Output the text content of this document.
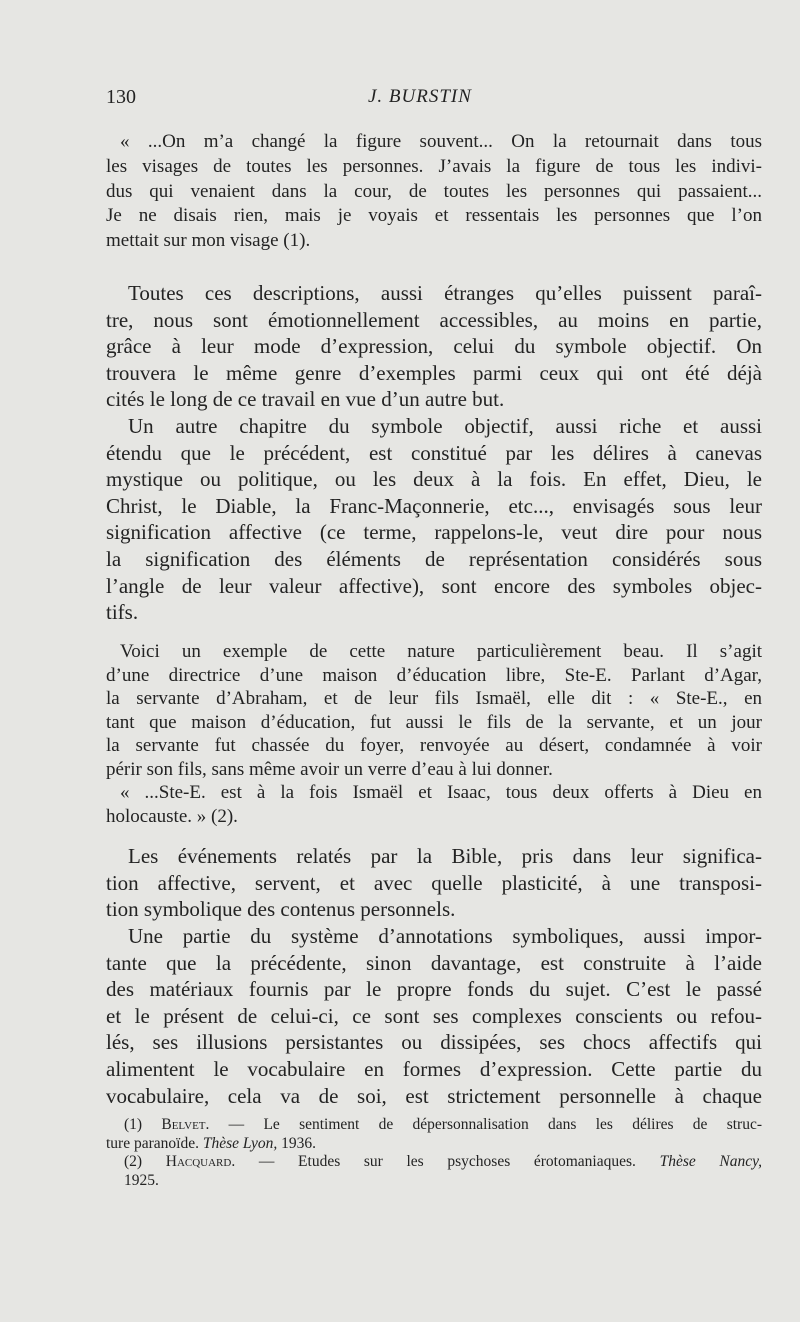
130	J. BURSTIN
« ...On m’a changé la figure souvent... On la retournait dans tous
les visages de toutes les personnes. J’avais la figure de tous les indivi-
dus qui venaient dans la cour, de toutes les personnes qui passaient...
Je ne disais rien, mais je voyais et ressentais les personnes que l’on
mettait sur mon visage (1).
Toutes ces descriptions, aussi étranges qu’elles puissent paraî-
tre, nous sont émotionnellement accessibles, au moins en partie,
grâce à leur mode d’expression, celui du symbole objectif. On
trouvera le même genre d’exemples parmi ceux qui ont été déjà
cités le long de ce travail en vue d’un autre but.
Un autre chapitre du symbole objectif, aussi riche et aussi
étendu que le précédent, est constitué par les délires à canevas
mystique ou politique, ou les deux à la fois. En effet, Dieu, le
Christ, le Diable, la Franc-Maçonnerie, etc..., envisagés sous leur
signification affective (ce terme, rappelons-le, veut dire pour nous
la signification des éléments de représentation considérés sous
l’angle de leur valeur affective), sont encore des symboles objec-
tifs.
Voici un exemple de cette nature particulièrement beau. Il s’agit
d’une directrice d’une maison d’éducation libre, Ste-E. Parlant d’Agar,
la servante d’Abraham, et de leur fils Ismaël, elle dit : « Ste-E., en
tant que maison d’éducation, fut aussi le fils de la servante, et un jour
la servante fut chassée du foyer, renvoyée au désert, condamnée à voir
périr son fils, sans même avoir un verre d’eau à lui donner.
« ...Ste-E. est à la fois Ismaël et Isaac, tous deux offerts à Dieu en
holocauste. » (2).
Les événements relatés par la Bible, pris dans leur significa-
tion affective, servent, et avec quelle plasticité, à une transposi-
tion symbolique des contenus personnels.
Une partie du système d’annotations symboliques, aussi impor-
tante que la précédente, sinon davantage, est construite à l’aide
des matériaux fournis par le propre fonds du sujet. C’est le passé
et le présent de celui-ci, ce sont ses complexes conscients ou refou-
lés, ses illusions persistantes ou dissipées, ses chocs affectifs qui
alimentent le vocabulaire en formes d’expression. Cette partie du
vocabulaire, cela va de soi, est strictement personnelle à chaque
(1) Belvet. — Le sentiment de dépersonnalisation dans les délires de struc-
ture paranoïde. Thèse Lyon, 1936.
(2) Hacquard. — Etudes sur les psychoses érotomaniaques. Thèse Nancy,
1925.
